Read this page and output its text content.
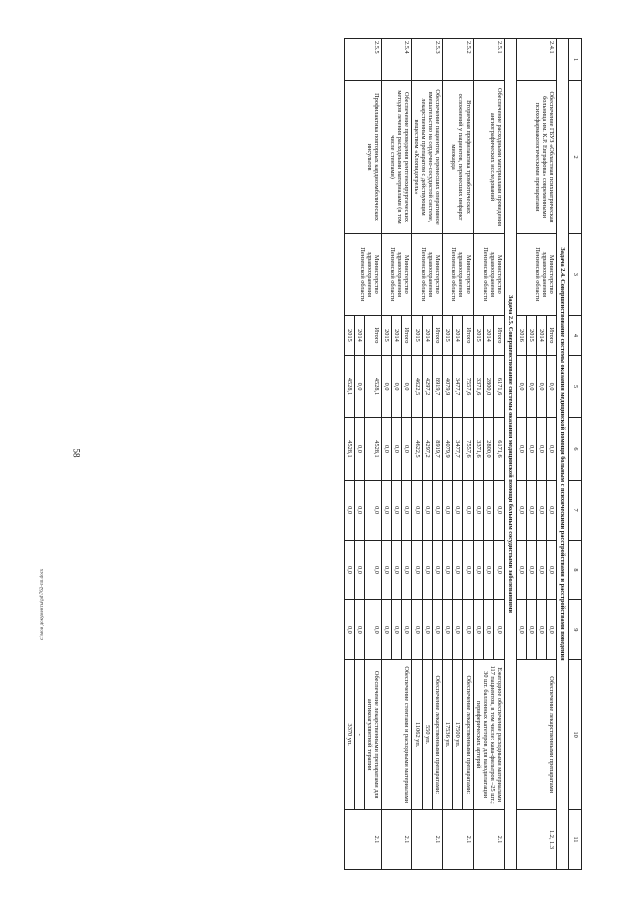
58
c:\мои документы\pd\762-пп.docx
1	2	3	4	5	6	7	8	9	10	11
Задача 2.4. Совершенствование системы оказания медицинской помощи больным с психическими расстройствами и расстройствами поведения										
2.4.1	Обеспечение ГБУЗ «Областная психиатрическая больница им. К.Р. Евграфова» современными психофармакологическими препаратами	Министерство здравоохранения Пензенской области	Итого	0,0	0,0	0,0	0,0	0,0	Обеспечение лекарственными препаратами	1.2, 1.3
			2014	0,0	0,0	0,0	0,0	0,0		
			2015	0,0	0,0	0,0	0,0	0,0		
			2016	0,0	0,0	0,0	0,0	0,0		
Задача 2.5. Совершенствование системы оказания медицинской помощи больным сосудистыми заболеваниями										
2.5.1	Обеспечение расходными материалами проведения ангиографических исследований	Министерство здравоохранения Пензенской области	Итого	6171,6	6171,6	0,0	0,0	0,0	Ежегодное обеспечение расходными материалами 117 пациентов, в том числе: кава-фильтров –25 шт.; 30 шт. баллонных катетеров для вазодилатации периферических артерий	2.1
			2014	2800,0	2800,0	0,0	0,0	0,0		
			2015	3371,6	3371,6	0,0	0,0	0,0		
2.5.2	Вторичная профилактика тромботических осложнений у пациентов, перенесших инфаркт миокарда	Министерство здравоохранения Пензенской области	Итого	7557,6	7557,6	0,0	0,0	0,0	Обеспечение лекарственными препаратами:	2.1
			2014	3477,7	3477,7	0,0	0,0	0,0	17500 уп.	
			2015	4079,9	4079,9	0,0	0,0	0,0	17536 уп.	
2.5.3	Обеспечение пациентов, перенесших оперативное вмешательство на сердечно-сосудистой системе, лекарственным препаратом с действующим веществом «Клопидогрель»	Министерство здравоохранения Пензенской области	Итого	8919,7	8919,7	0,0	0,0	0,0	Обеспечение лекарственными препаратами:	2.1
			2014	4297,2	4297,2	0,0	0,0	0,0	550 уп.	
			2015	4622,5	4622,5	0,0	0,0	0,0	11062 уп.	
2.5.4	Обеспечение проведения рентгенхирургических методов лечения расходными материалами (в том числе стентами)	Министерство здравоохранения Пензенской области	Итого	0,0	0,0	0,0	0,0	0,0	Обеспечение стентами и расходными материалами	2.1
			2014	0,0	0,0	0,0	0,0	0,0		
			2015	0,0	0,0	0,0	0,0	0,0		
2.5.5	Профилактика повторных кардиоэмболических инсультов	Министерство здравоохранения Пензенской области	Итого	4528,1	4528,1	0,0	0,0	0,0	Обеспечение лекарственными препаратами для антикоагулянтной терапии	2.1
			2014	0,0	0,0	0,0	0,0	0,0	-	
			2015	4528,1	4528,1	0,0	0,0	0,0	3370 уп.	
